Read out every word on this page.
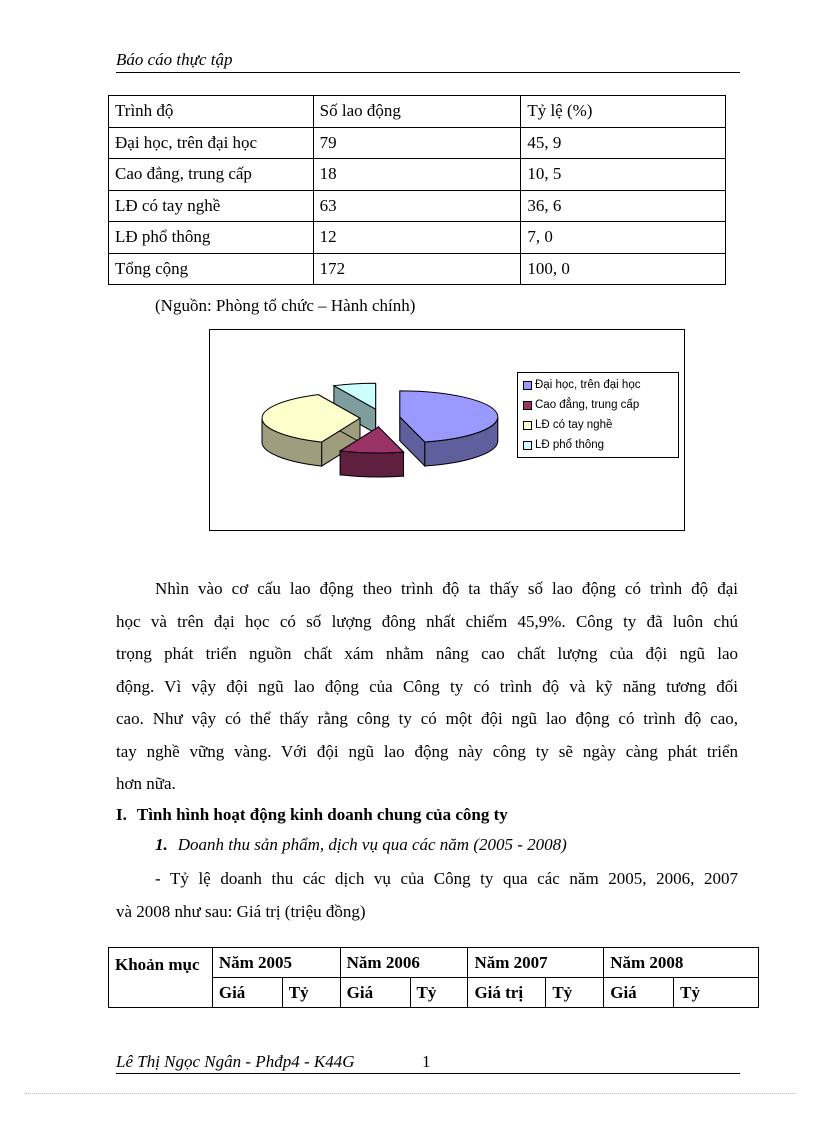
Báo cáo thực tập
Trình độ	Số lao động	Tỷ lệ (%)
Đại học, trên đại học	79	45, 9
Cao đẳng, trung cấp	18	10, 5
LĐ có tay nghề	63	36, 6
LĐ phổ thông	12	7, 0
Tổng cộng	172	100, 0
(Nguồn: Phòng tổ chức – Hành chính)
Đại học, trên đại học
Cao đẳng, trung cấp
LĐ có tay nghề
LĐ phổ thông
Nhìn vào cơ cấu lao động theo trình độ ta thấy số lao động có trình độ đại
học và trên đại học có số lượng đông nhất chiếm 45,9%. Công ty đã luôn chú
trọng phát triển nguồn chất xám nhằm nâng cao chất lượng của đội ngũ lao
động. Vì vậy đội ngũ lao động của Công ty có trình độ và kỹ năng tương đối
cao. Như vậy có thể thấy rằng công ty có một đội ngũ lao động có trình độ cao,
tay nghề vững vàng. Với đội ngũ lao động này công ty sẽ ngày càng phát triển
hơn nữa.
I. Tình hình hoạt động kinh doanh chung của công ty
1. Doanh thu sản phẩm, dịch vụ qua các năm (2005 - 2008)
- Tỷ lệ doanh thu các dịch vụ của Công ty qua các năm 2005, 2006, 2007
và 2008 như sau: Giá trị (triệu đồng)
Khoản mục	Năm 2005		Năm 2006		Năm 2007		Năm 2008	
	Giá	Tỷ	Giá	Tỷ	Giá trị	Tỷ	Giá	Tỷ
Lê Thị Ngọc Ngân - Phđp4 - K44G	1
